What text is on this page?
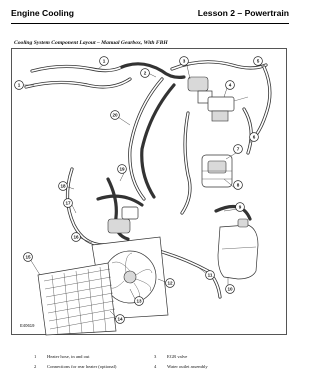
Engine Cooling	Lesson 2 – Powertrain
Cooling System Component Layout – Manual Gearbox, With FBH
1
1
2
3
4
5
6
7
8
9
10
11
12
13
14
15
16
17
18
19
20
E40619
1	Heater hose, in and out	3	EGR valve
2	Connections for rear heater (optional)	4	Water outlet assembly
